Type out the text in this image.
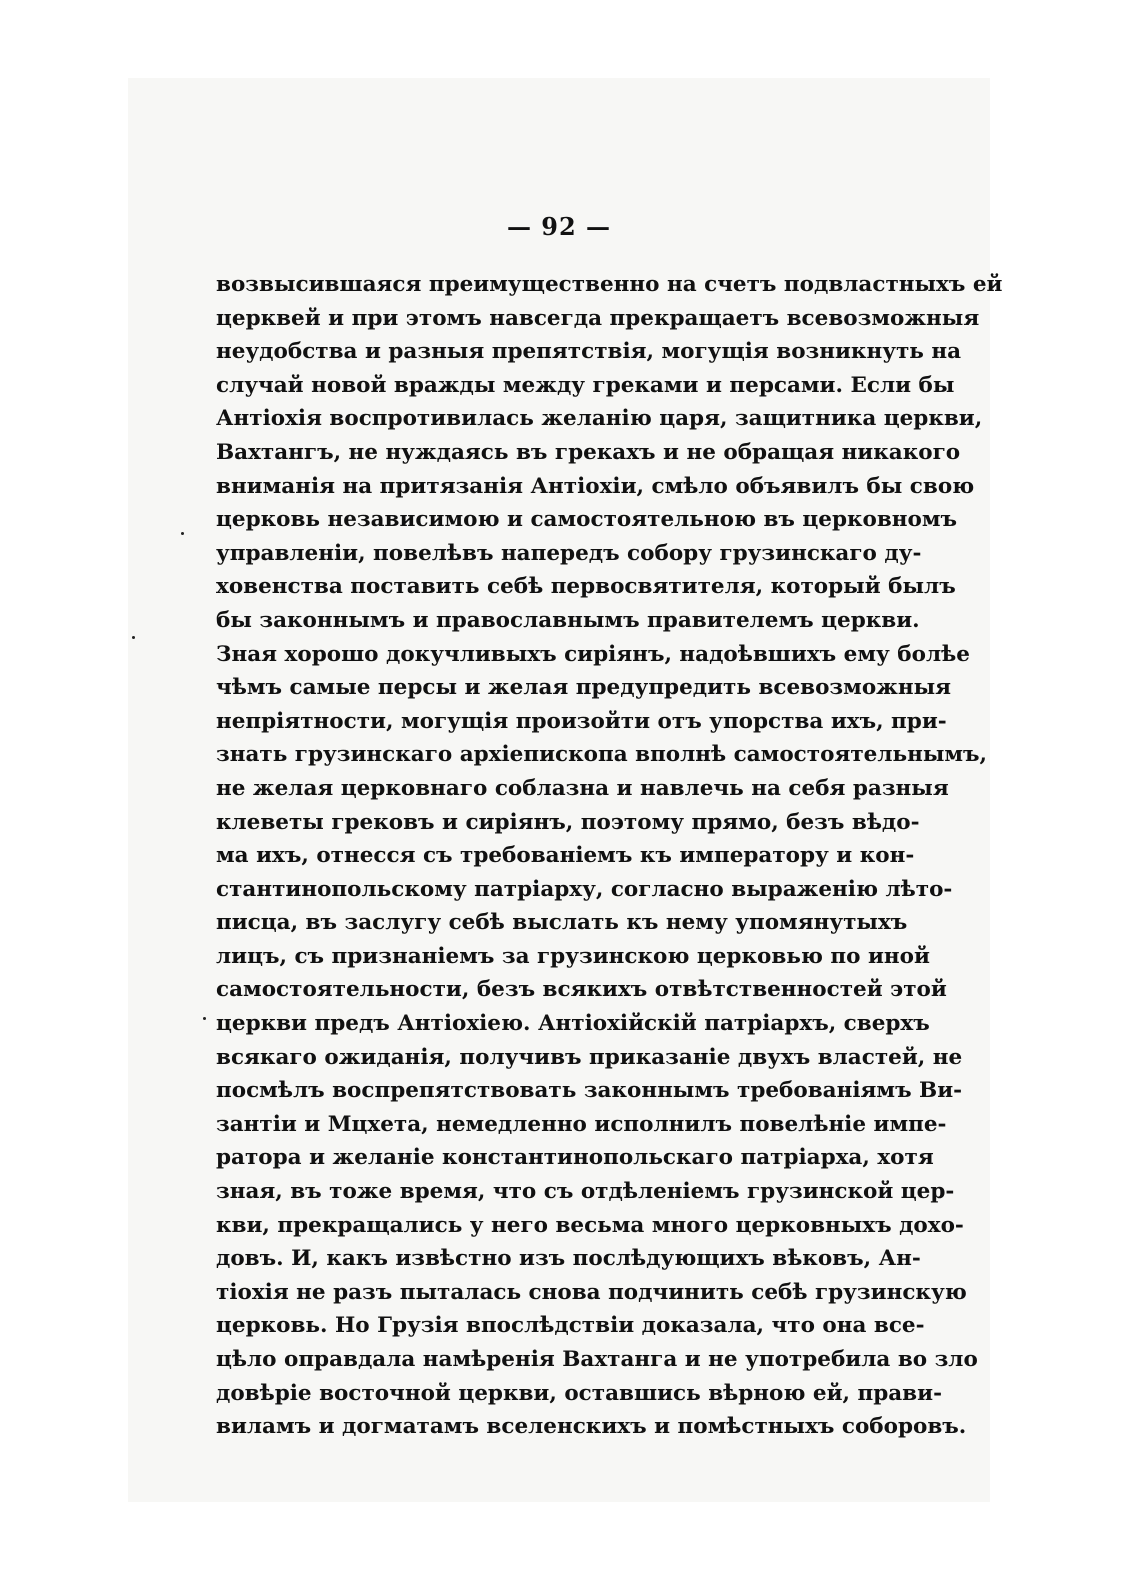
— 92 —
возвысившаяся преимущественно на счетъ подвластныхъ ей
церквей и при этомъ навсегда прекращаетъ всевозможныя
неудобства и разныя препятствія, могущія возникнуть на
случай новой вражды между греками и персами. Если бы
Антіохія воспротивилась желанію царя, защитника церкви,
Вахтангъ, не нуждаясь въ грекахъ и не обращая никакого
вниманія на притязанія Антіохіи, смѣло объявилъ бы свою
церковь независимою и самостоятельною въ церковномъ
управленіи, повелѣвъ напередъ собору грузинскаго ду-
ховенства поставить себѣ первосвятителя, который былъ
бы законнымъ и православнымъ правителемъ церкви.
Зная хорошо докучливыхъ сиріянъ, надоѣвшихъ ему болѣе
чѣмъ самые персы и желая предупредить всевозможныя
непріятности, могущія произойти отъ упорства ихъ, при-
знать грузинскаго архіепископа вполнѣ самостоятельнымъ,
не желая церковнаго соблазна и навлечь на себя разныя
клеветы грековъ и сиріянъ, поэтому прямо, безъ вѣдо-
ма ихъ, отнесся съ требованіемъ къ императору и кон-
стантинопольскому патріарху, согласно выраженію лѣто-
писца, въ заслугу себѣ выслать къ нему упомянутыхъ
лицъ, съ признаніемъ за грузинскою церковью по иной
самостоятельности, безъ всякихъ отвѣтственностей этой
церкви предъ Антіохіею. Антіохійскій патріархъ, сверхъ
всякаго ожиданія, получивъ приказаніе двухъ властей, не
посмѣлъ воспрепятствовать законнымъ требованіямъ Ви-
зантіи и Мцхета, немедленно исполнилъ повелѣніе импе-
ратора и желаніе константинопольскаго патріарха, хотя
зная, въ тоже время, что съ отдѣленіемъ грузинской цер-
кви, прекращались у него весьма много церковныхъ дохо-
довъ. И, какъ извѣстно изъ послѣдующихъ вѣковъ, Ан-
тіохія не разъ пыталась снова подчинить себѣ грузинскую
церковь. Но Грузія впослѣдствіи доказала, что она все-
цѣло оправдала намѣренія Вахтанга и не употребила во зло
довѣріе восточной церкви, оставшись вѣрною ей, прави-
виламъ и догматамъ вселенскихъ и помѣстныхъ соборовъ.
